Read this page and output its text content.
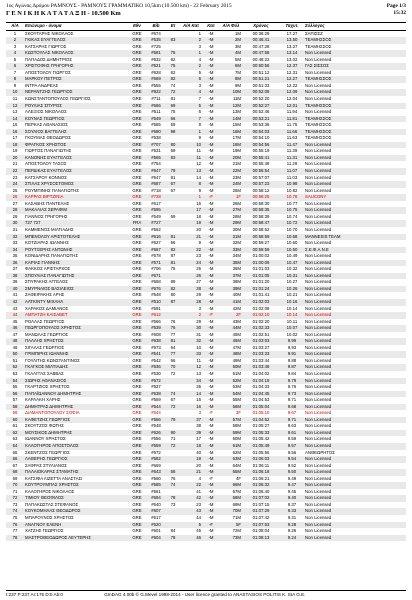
1ος Αγώνας Δρόμου ΡΑΜΝΟΥΣ - ΡΑΜΝΟΥΣ ΓΡΑΜΜΑΤΙΚΟ 10,5km (10.500 km) - 22 February 2015
Γ Ε Ν Ι Κ Η Κ Α Τ Α Τ Α Ξ Η - 10.500 Km
Page 1/3
15:32
Α/Α	Επώνυμο - όνομα	Εθν	Bib	Ετ	Α/Α Κατ	Κατ	Α/Α Φύλ	Χρόνος	Ταχυτ.	Σύλλογος
1	ΣΚΟΥΤΑΡΗΣ ΝΙΚΟΛΑΟΣ	GRE	#674		1	-M	1M	00:36:29	17.27	ΣΑΠΙΣΣΖ
2	ΓΚΙΚΑΣ ΕΥΑΓΓΕΛΟΣ	GRE	#535	83	2	-M	2M	00:46:41	13.50	ΤΕΑΜΗΣΣΟΣ
3	ΚΑΤΣΑΡΗΣ ΓΙΩΡΓΟΣ	GRE	#725		3	-M	3M	00:47:28	13.27	ΤΕΑΜΗΣΣΟΣ
4	ΚΩΣΤΟΥΛΑΣ ΝΙΚΟΛΑΟΣ	GRE	#581	75	1	-M	4M	00:47:58	13.14	Non Licensed
5	ΠΑΠΑΔΟΣ ΔΗΜΗΤΡΙΟΣ	GRE	#632	82	4	-M	5M	00:48:22	13.02	Non Licensed
6	ΧΡΙΣΤΟΦΗΣ ΓΡΗΓΟΡΗΣ	GRE	#521	75	2	-M	6M	00:50:56	12.37	ΓΑΣ ΣΙΣΣΟΣ
7	ΑΠΟΣΤΟΛΟΥ ΓΙΩΡΓΟΣ	GRE	#628	62	5	-M	7M	00:51:12	12.31	Non Licensed
8	ΜΑΡΚΟΥ ΠΕΤΡΟΣ	GRE	#669	82	6	-M	8M	00:51:21	12.27	ΤΕΑΜΗΣΣΟΣ
9	ΙΝΤΡΑ ΑΝΔΡΕΑΣ	GRE	#555	74	3	-M	9M	00:51:33	12.22	Non Licensed
10	ΝΕΡΑΝΤΖΗΣ ΓΕΩΡΓΙΟΣ	GRE	#922	72	4	-M	10M	00:52:08	12.09	Non Licensed
11	ΚΩΝΣΤΑΝΤΟΠΟΥΛΟΣ ΓΕΩΡΓΙΟΣ	GRE	#711	81	7	-M	11M	00:52:20	12.04	Non Licensed
12	ΡΟΥΛΙΑΣ ΣΠΥΡΟΣ	GRE	#666	69	5	-M	12M	00:52:27	12.01	ΤΕΑΜΗΣΣΟΣ
13	ΑΛΕΞΙΟΣ ΝΙΚΟΛΑΟΣ	GRE	#511	75	6	-M	13M	00:52:46	11.94	Non Licensed
14	ΚΟΥΝΑΣ ΓΕΩΡΓΙΟΣ	GRE	#549	66	7	-M	14M	00:53:21	11.81	ΤΕΑΜΗΣΣΟΣ
15	ΠΕΡΚΑΣ ΑΘΑΝΑΣΙΟΣ	GRE	#585	59	8	-M	15M	00:53:36	11.75	ΤΕΑΜΗΣΣΟΣ
16	ΣΟΥΛΙΟΣ ΒΑΓΓΕΛΗΣ	GRE	#680	98	1	-M	16M	00:54:03	11.66	ΤΕΑΜΗΣΣΟΣ
17	ΓΚΟΥΜΑΣ ΘΕΟΔΩΡΟΣ	GRE	#538		9	-M	17M	00:54:10	11.63	ΤΕΑΜΗΣΣΟΣ
18	ΦΡΑΓΚΟΣ ΧΡΗΣΤΟΣ	GRE	#707	80	10	-M	18M	00:54:56	11.47	Non Licensed
19	ΓΙΩΡΓΟΣ ΠΑΝΑΓΙΩΤΗΣ	GRE	#531	59	11	-M	19M	00:55:19	11.39	Non Licensed
20	ΚΑΝΟΝΗΣ ΕΥΑΓΓΕΛΟΣ	GRE	#565	83	11	-M	20M	00:55:41	11.31	Non Licensed
21	ΑΠΟΣΤΟΛΟΥ ΤΑΣΟΣ	GRE	#754		12	-M	21M	00:55:48	11.29	Non Licensed
22	ΠΕΡΔΙΚΑΣ ΕΥΑΓΓΕΛΟΣ	GRE	#647	79	13	-M	22M	00:56:54	11.07	Non Licensed
23	ΚΑΤΣΑΡΟΥ ΚΟΝΝΟΣ	GRE	#547	81	14	-M	23M	00:57:07	11.03	Non Licensed
24	ΣΤΙΛΑΣ ΧΡΥΣΟΣΤΟΜΟΣ	GRE	#687	67	8	-M	24M	00:57:23	10.98	Non Licensed
25	ΡΟΥΜΠΙΝΗΣ ΠΑΝΑΓΙΩΤΗΣ	GRE	#718	67	9	-M	25M	00:58:12	10.82	Non Licensed
26	ΚΑΡΡΑΣ ΒΙΡΤΖΙΝΙΑ	GRE	#728		1	-F	1F	00:58:25	10.78	SAUCONY
27	ΚΑΣΑΒΗΣ ΠΑΝΤΕΛΗΣ	GRE	#617		15	-M	26M	00:58:30	10.77	Non Licensed
28	ΜΑΚΑΛΙΑΣ ΣΕΡΑΦΙΜ	GRE	#595		17	-M	27M	00:58:35	10.75	Non Licensed
29	ΓΙΑΝΝΟΣ ΓΡΗΓΟΡΗΣ	GRE	#549	69	18	-M	28M	00:58:39	10.74	Non Licensed
30	727 727	FRA	#727		19	-M	29M	00:58:47	10.72	Non Licensed
31	ΚΑΜΜΕΝΟΣ ΜΙΛΤΙΑΔΗΣ	GRE	#562		20	-M	30M	00:58:52	10.70	Non Licensed
32	ΜΠΕΝΟΛΟΥ ΑΡΙΣΤΟΤΕΛΗΣ	GRE	#616	81	21	-M	31M	00:58:59	10.68	MANNESIS TEAM
33	ΚΟΤΖΙΑΡΑΣ ΙΩΑΝΝΗΣ	GRE	#627	66	9	-M	32M	00:59:27	10.60	Non Licensed
34	ΡΟΥΤΞΕΡΗΣ ΑΝΤΩΝΗΣ	GRE	#667	82	22	-M	33M	00:59:59	10.50	Σ.Ε.Φ.Α.Ν.Ε
35	ΚΟΝΙΔΑΡΗΣ ΠΑΝΑΓΙΩΤΗΣ	GRE	#578	87	23	-M	34M	01:00:02	10.49	Non Licensed
36	ΚΑΡΙΑΣ ΓΙΑΝΝΗΣ	GRE	#571	81	24	-M	35M	01:00:09	10.47	Non Licensed
37	ΦΑΚΚΟΣ ΑΡΙΣΤΑΡΧΟΣ	GRE	#706	75	25	-M	36M	01:01:03	10.32	Non Licensed
38	ΣΠΟΥΛΙΑΣ ΠΑΝΑΓΙΩΤΗΣ	GRE	#671		26	-M	37M	01:01:05	10.31	Non Licensed
39	ΣΠΥΡΑΚΗΣ ΑΓΓΕΛΟΣ	GRE	#668	89	27	-M	38M	01:01:20	10.27	Non Licensed
40	ΣΜΥΡΝΑΙΟΣ ΒΑΣΙΛΕΙΟΣ	GRE	#676	82	28	-M	39M	01:01:24	10.26	Non Licensed
41	ΖΑΦΕΙΡΑΚΗΣ ΑΡΗΣ	GRE	#548	80	29	-M	40M	01:01:41	10.21	Non Licensed
42	ΑΛΤΚΙΝΤΥ ΜΙΧΑΗΛ	GRE	#510	87	28	-M	41M	01:02:03	10.16	Non Licensed
43	ΧΑΡΑΚΟΣ ΔΑΜΙΑΝΟΣ	GRE	#591		3	-M	42M	01:02:08	10.14	Non Licensed
44	ΑΜΠΑΤΖΗ ΚΑΙΣΑΒΕΤ	GRE	#512		2	-F	2F	01:02:10	10.14	Non Licensed
45	ΡΟΛΛΑΣ ΓΕΩΡΓΙΟΣ	GRE	#566	76	29	-M	43M	01:02:20	10.11	Non Licensed
46	ΓΕΩΡΓΟΠΟΥΛΟΣ ΧΡΗΣΤΟΣ	GRE	#539	76	30	-M	44M	01:02:33	10.07	Non Licensed
47	ΜΑΝΩΛΑΣ ΓΕΩΡΓΙΟΣ	GRE	#608	77	31	-M	45M	01:02:51	10.02	Non Licensed
48	ΠΑΛΛΗΣ ΧΡΗΣΤΟΣ	GRE	#638	81	32	-M	46M	01:03:03	9.99	Non Licensed
49	ΣΙΓΑΛΑΣ ΓΕΩΡΓΙΟΣ	GRE	#673	64	10	-M	47M	01:03:27	9.93	Non Licensed
50	ΓΡΙΜΠΙΡΗΣ ΙΩΑΝΝΗΣ	GRE	#541	77	33	-M	48M	01:03:33	9.91	Non Licensed
51	ΓΟΥΛΙΤΗΣ ΚΩΝΣΤΑΝΤΙΝΟΣ	GRE	#542	66	11	-M	49M	01:03:44	9.88	Non Licensed
52	ΓΚΑΓΚΟΣ ΜΙΛΤΙΑΔΗΣ	GRE	#536	70	12	-M	50M	01:03:49	9.87	Non Licensed
53	ΓΚΑΛΓΓΑΣ ΣΑΒΒΑΣ	GRE	#530	72	13	-M	51M	01:04:02	9.84	Non Licensed
54	ΣΙΩΡΗΣ ΑΘΑΝΑΣΙΟΣ	GRE	#672		34	-M	52M	01:04:19	9.79	Non Licensed
55	ΓΚΑΡΤΖΙΟΣ ΧΡΗΣΤΟΣ	GRE	#537		35	-M	53M	01:04:33	9.76	Non Licensed
56	ΠΑΠΑΪΩΑΝΝΟΥ ΔΗΜΗΤΡΗΣ	GRE	#638	74	14	-M	54M	01:04:45	9.73	Non Licensed
57	ΚΑΡΛΑΚΗ ΧΑΡΗΣ	GRE	#569	67	15	-M	55M	01:04:53	9.71	Non Licensed
58	ΔΗΜΗΤΡΑΣ ΔΗΜΗΤΡΗΣ	GRE	#544	72	16	-M	56M	01:05:04	9.68	Non Licensed
59	ΔΙΑΜΑΝΤΟΠΟΥΛΟΥ ΣΟΦΙΑ	GRE	#544		3	-F	3F	01:05:10	9.67	Non Licensed
60	ΚΑΦΕΤΖΗΣ ΓΕΩΡΓΙΟΣ	GRE	#566	79	37	-M	57M	01:04:52	9.71	Non Licensed
61	ΣΚΟΥΤΖΟΣ ΦΩΤΗΣ	GRE	#548		38	-M	58M	01:05:27	9.63	Non Licensed
62	ΜΟΥΣΙΚΟΣ ΔΗΜΗΤΡΗΣ	GRE	#626	90	39	-M	59M	01:05:33	9.61	Non Licensed
63	ΙΩΑΝΝΟΥ ΧΡΗΣΤΟΣ	GRE	#556	71	17	-M	60M	01:05:42	9.59	Non Licensed
64	ΚΑΛΟΓΗΡΟΣ ΑΠΟΣΤΟΛΟΣ	GRE	#559	72	18	-M	61M	01:05:49	9.57	Non Licensed
65	ΣΚΕΝΤΖΟΣ ΓΕΩΡΓΙΟΣ	GRE	#672		40	-M	62M	01:05:56	9.56	ΑΝΘΕΩΡΗΤΟΣ
66	ΛΑΘΕΡΗΣ ΓΕΩΡΓΙΟΣ	GRE	#582		19	-M	63M	01:06:03	9.54	Non Licensed
67	ΣΑΦΡΑΣ ΣΤΥΛΙΑΝΟΣ	GRE	#669		20	-M	64M	01:06:11	9.52	Non Licensed
68	ΠΑΛΑΙΟΚΑΡΑΣ ΣΤΑΜΑΤΗΣ	GRE	#643	68	21	-M	65M	01:06:18	9.50	Non Licensed
69	ΚΑΤΣΙΦΑ ΛΙΖΕΤΤΑ ΑΝΑΣΤΑΣΙ	GRE	#560	76	4	-F	4F	01:06:21	9.49	Non Licensed
70	ΚΟΥΤΡΟΥΜΠΑΣ ΧΡΗΣΤΟΣ	GRE	#585	74	22	-M	66M	01:06:32	9.47	Non Licensed
71	ΚΑΛΟΓΗΡΟΣ ΝΙΚΟΛΑΟΣ	GRE	#561		41	-M	67M	01:06:40	9.45	Non Licensed
72	ΤΙΜΙΟΥ ΘΕΟΦΙΛΟΣ	GRE	#694	78	42	-M	68M	01:07:02	9.40	Non Licensed
73	ΠΑΠΑΚΩΣΤΑΣ ΣΤΕΦΑΝΟΣ	GRE	#640	73	23	-M	69M	01:07:15	9.37	Non Licensed
74	ΚΟΥΚΟΜΗΛΑΣ ΘΕΟΔΩΡΟΣ	GRE	#607		43	-M	70M	01:07:29	9.33	Non Licensed
75	ΜΠΑΡΟΥΝΟΣ ΧΡΗΣΤΟΣ	GRE	#617		44	-M	71M	01:07:42	9.31	Non Licensed
76	ΑΝΑΓΝΟΥ ΕΛΕΝΗ	GRE	#520		5	-F	5F	01:07:53	9.28	Non Licensed
77	ΧΑΤΖΗΣ ΓΕΩΡΓΙΟΣ	GRE	#601	84	45	-M	72M	01:08:04	9.26	Non Licensed
78	ΜΑΣΤΡΟΘΕΟΔΩΡΟΣ ΛΕΥΤΕΡΗΣ	GRE	#604	78	46	-M	73M	01:08:13	9.24	Non Licensed
I:237 P:237 Ar:175 D:0 Ab:0	GmDAG 4.00b © G.Mevel 1998-2014 - User licence granted to ANASTASIOS POLITIS K. SIA O.E.
